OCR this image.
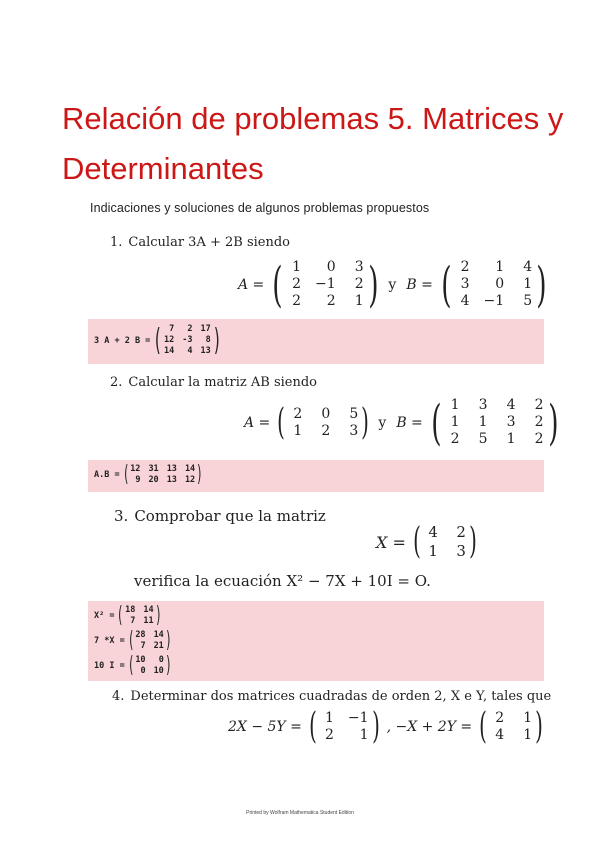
Relación de problemas 5. Matrices y Determinantes
Indicaciones y soluciones de algunos problemas propuestos
1. Calcular 3A + 2B siendo
A = ( 1	0	3
2 −1	2
2	2	1 ) y B = ( 2	1	4
3	0	1
4 −1	5 )
3 A + 2 B = ( 7	2 17
12 -3	8
14	4 13 )
2. Calcular la matriz AB siendo
A = ( 2	0	5
1	2	3 ) y B = ( 1	3	4	2
1	1	3	2
2	5	1	2 )
A.B = ( 12 31 13 14
9 20 13 12 )
3. Comprobar que la matriz
X = ( 4 2
1 3 )
verifica la ecuación X² − 7X + 10I = O.
X² = ( 18 14
7 11 )
7 *X = ( 28 14
7 21 )
10 I = ( 10	0
0 10 )
4. Determinar dos matrices cuadradas de orden 2, X e Y, tales que
2X − 5Y = ( 1 −1
2	1 ) , −X + 2Y = ( 2	1
4	1 )
Printed by Wolfram Mathematica Student Edition
